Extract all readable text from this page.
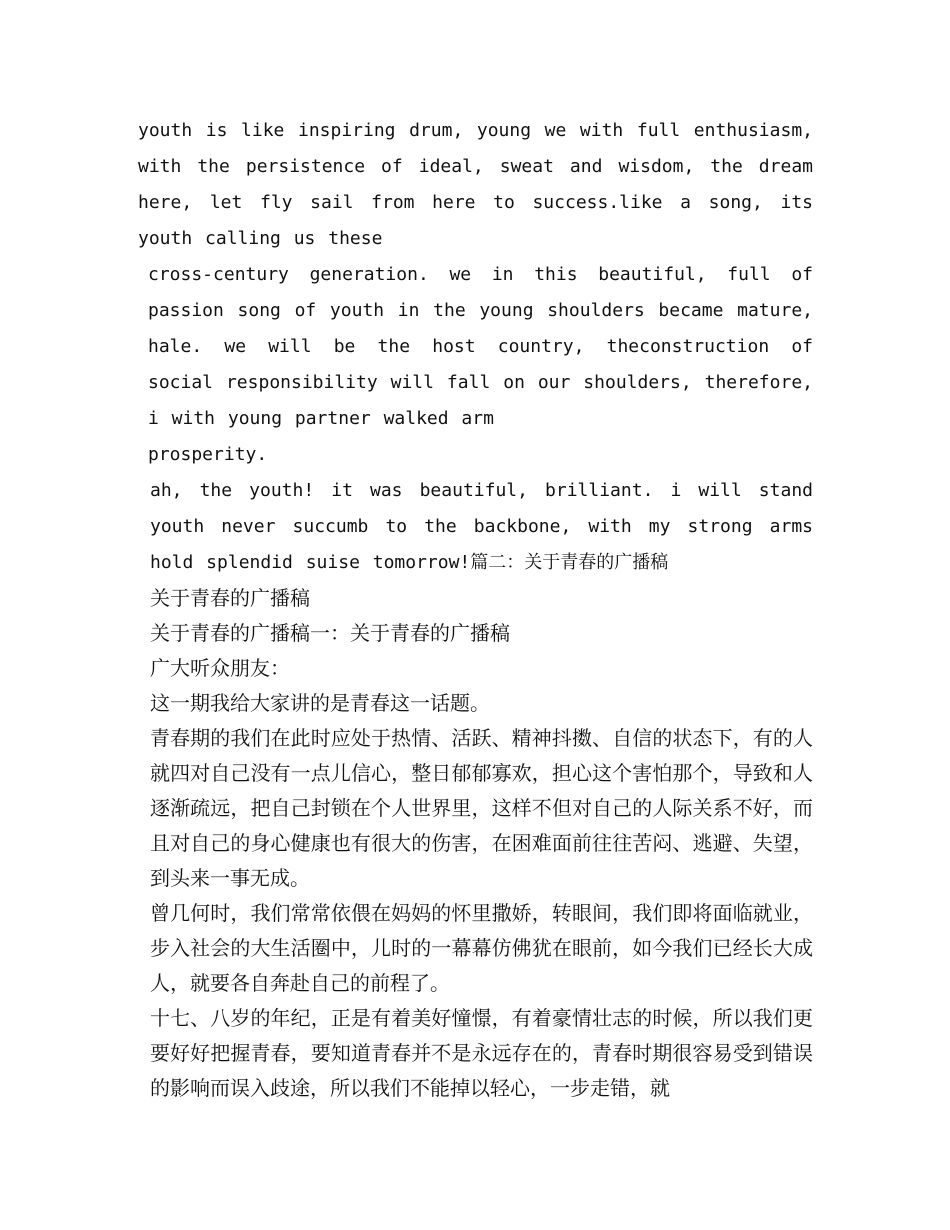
youth is like inspiring drum, young we with full enthusiasm, with the persistence of ideal, sweat and wisdom, the dream here, let fly sail from here to success.like a song, its youth calling us these

cross-century generation. we in this beautiful, full of passion song of youth in the young shoulders became mature, hale. we will be the host country, theconstruction of social responsibility will fall on our shoulders, therefore, i with young partner walked arm

prosperity.

ah, the youth! it was beautiful, brilliant. i will stand youth never succumb to the backbone, with my strong arms hold splendid suise tomorrow!篇二：关于青春的广播稿

关于青春的广播稿

关于青春的广播稿一：关于青春的广播稿

广大听众朋友：

这一期我给大家讲的是青春这一话题。

青春期的我们在此时应处于热情、活跃、精神抖擞、自信的状态下，有的人就四对自己没有一点儿信心，整日郁郁寡欢，担心这个害怕那个，导致和人逐渐疏远，把自己封锁在个人世界里，这样不但对自己的人际关系不好，而且对自己的身心健康也有很大的伤害，在困难面前往往苦闷、逃避、失望，到头来一事无成。

曾几何时，我们常常依偎在妈妈的怀里撒娇，转眼间，我们即将面临就业，步入社会的大生活圈中，儿时的一幕幕仿佛犹在眼前，如今我们已经长大成人，就要各自奔赴自己的前程了。

十七、八岁的年纪，正是有着美好憧憬，有着豪情壮志的时候，所以我们更要好好把握青春，要知道青春并不是永远存在的，青春时期很容易受到错误的影响而误入歧途，所以我们不能掉以轻心，一步走错，就
